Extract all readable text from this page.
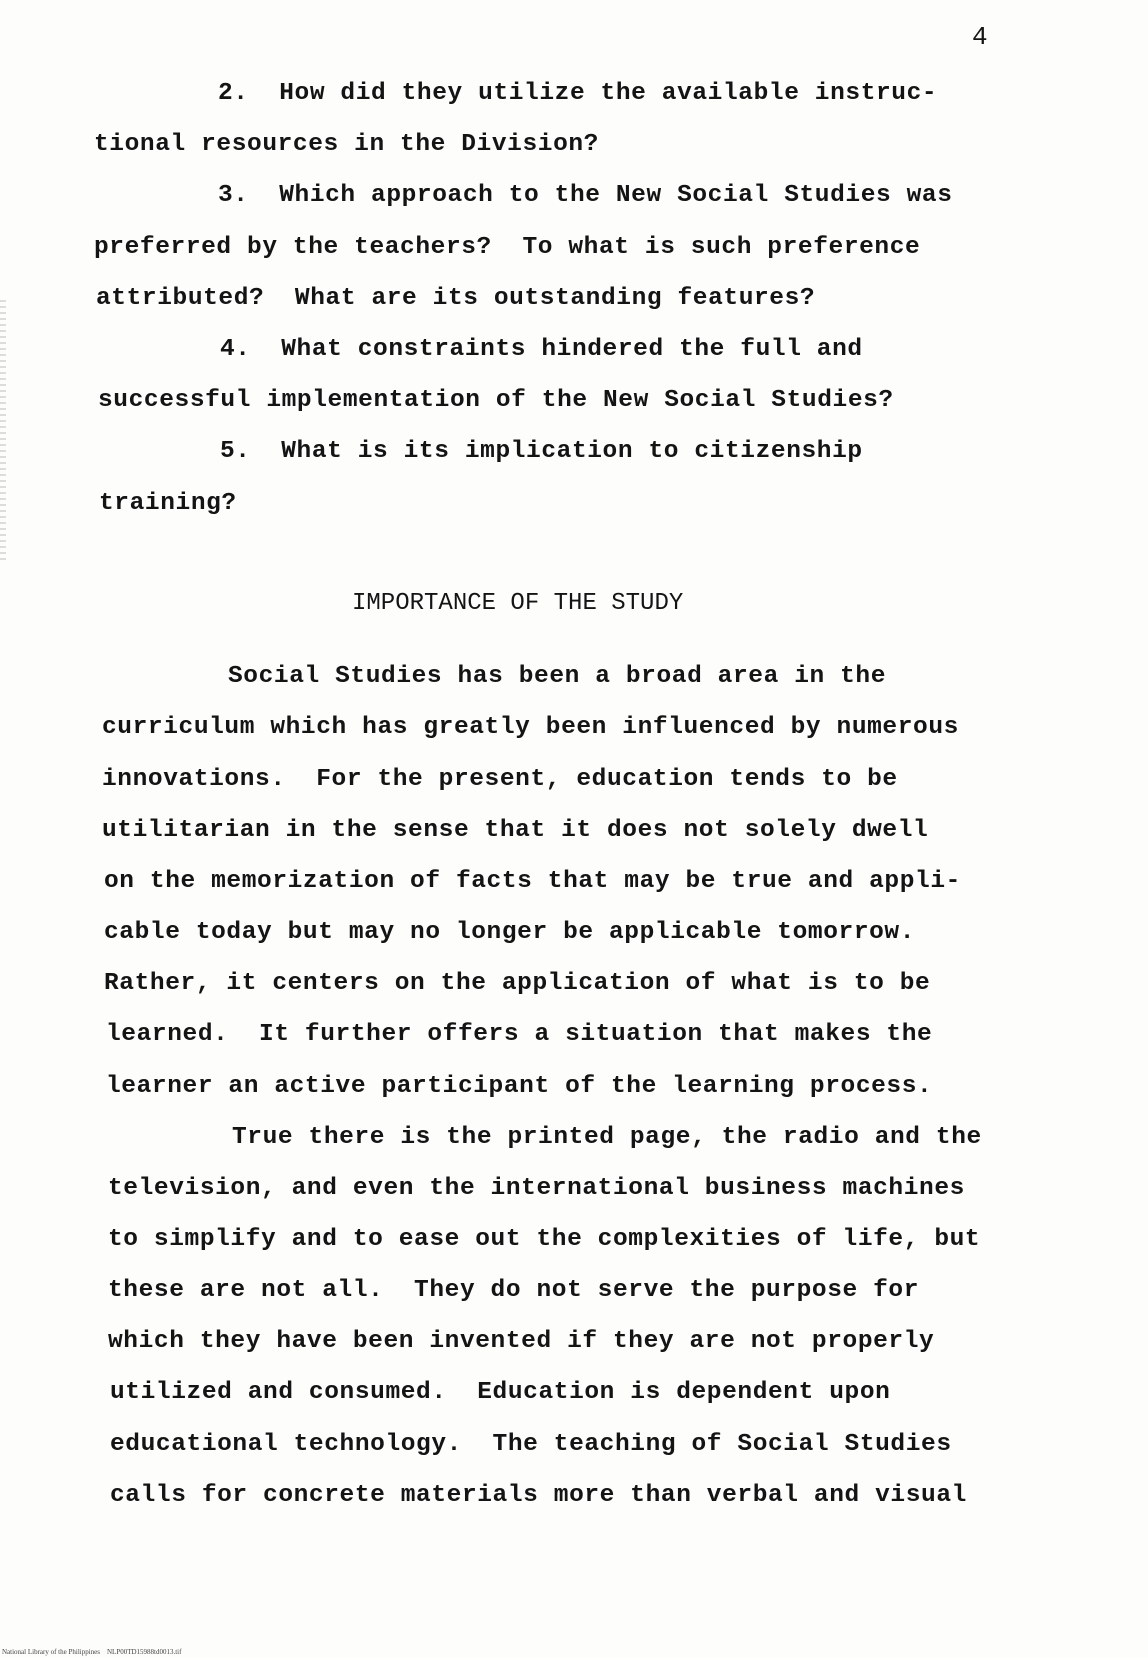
4
2.  How did they utilize the available instruc-
tional resources in the Division?
3.  Which approach to the New Social Studies was
preferred by the teachers?  To what is such preference
attributed?  What are its outstanding features?
4.  What constraints hindered the full and
successful implementation of the New Social Studies?
5.  What is its implication to citizenship
training?
IMPORTANCE OF THE STUDY
Social Studies has been a broad area in the
curriculum which has greatly been influenced by numerous
innovations.  For the present, education tends to be
utilitarian in the sense that it does not solely dwell
on the memorization of facts that may be true and appli-
cable today but may no longer be applicable tomorrow.
Rather, it centers on the application of what is to be
learned.  It further offers a situation that makes the
learner an active participant of the learning process.
True there is the printed page, the radio and the
television, and even the international business machines
to simplify and to ease out the complexities of life, but
these are not all.  They do not serve the purpose for
which they have been invented if they are not properly
utilized and consumed.  Education is dependent upon
educational technology.  The teaching of Social Studies
calls for concrete materials more than verbal and visual
National Library of the Philippines NLP00TD15988td0013.tif
